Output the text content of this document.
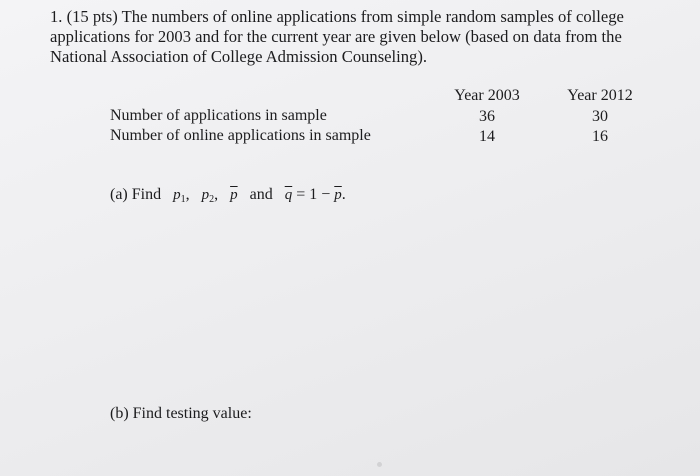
1. (15 pts) The numbers of online applications from simple random samples of college applications for 2003 and for the current year are given below (based on data from the National Association of College Admission Counseling).
Number of applications in sample
Number of online applications in sample
Year 2003
36
14
Year 2012
30
16
(a) Find $p_1$, $p_2$, $\overline{p}$ and $\overline{q} = 1 - \overline{p}$.
(b) Find testing value:
